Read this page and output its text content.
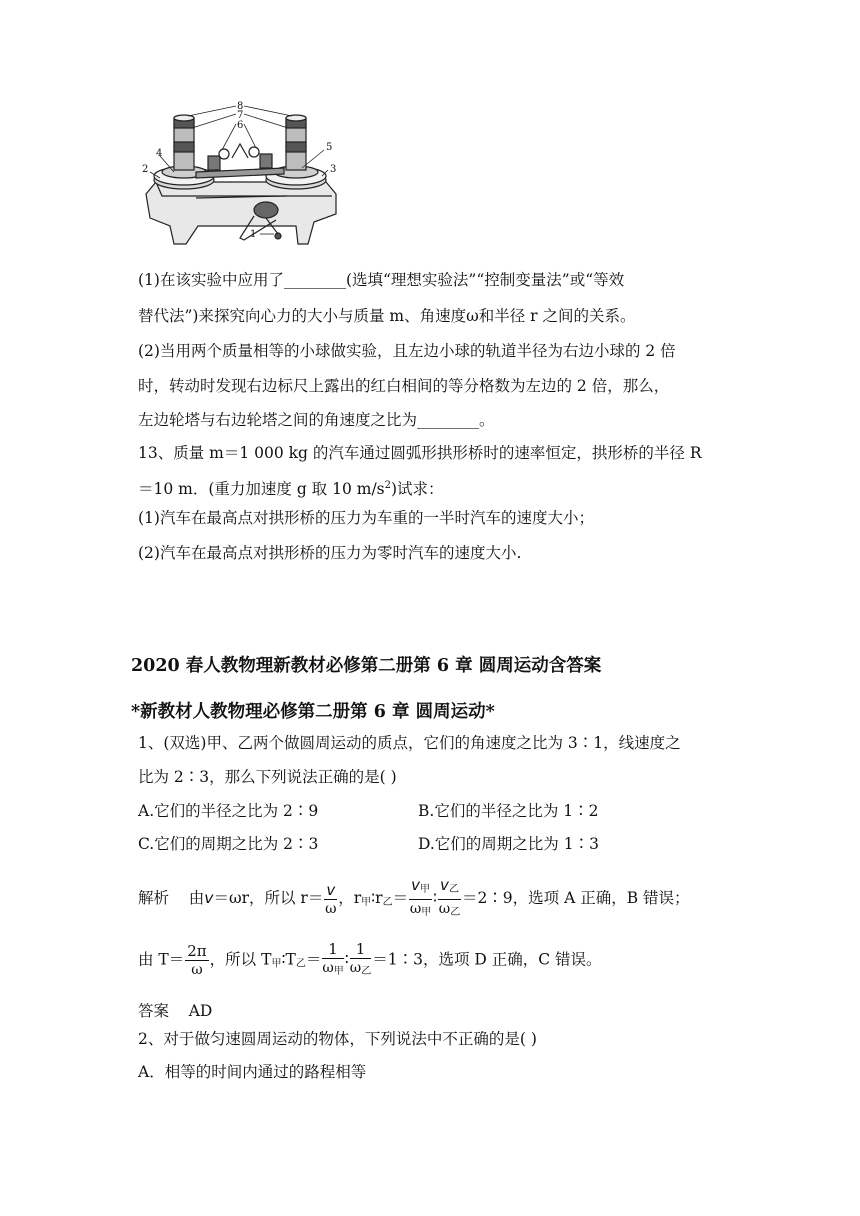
8
7
6
5
4
3
2
1
(1)在该实验中应用了________(选填“理想实验法”“控制变量法”或“等效
替代法”)来探究向心力的大小与质量 m、角速度ω和半径 r 之间的关系。
(2)当用两个质量相等的小球做实验，且左边小球的轨道半径为右边小球的 2 倍
时，转动时发现右边标尺上露出的红白相间的等分格数为左边的 2 倍，那么，
左边轮塔与右边轮塔之间的角速度之比为________。
13、质量 m＝1 000 kg 的汽车通过圆弧形拱形桥时的速率恒定，拱形桥的半径 R
＝10 m．(重力加速度 g 取 10 $m/s^2$)试求：
(1)汽车在最高点对拱形桥的压力为车重的一半时汽车的速度大小；
(2)汽车在最高点对拱形桥的压力为零时汽车的速度大小.
2020 春人教物理新教材必修第二册第 6 章 圆周运动含答案
*新教材人教物理必修第二册第 6 章 圆周运动*
1、(双选)甲、乙两个做圆周运动的质点，它们的角速度之比为 3∶1，线速度之
比为 2∶3，那么下列说法正确的是( )
A.它们的半径之比为 2∶9	B.它们的半径之比为 1∶2
C.它们的周期之比为 2∶3	D.它们的周期之比为 1∶3
解析 由v＝ωr，所以 $r= \frac{v}{\omega}$ ，$r_甲∶r_乙= \frac{v_甲}{\omega_甲}$ ∶ $\frac{v_乙}{\omega_乙}$ ＝2∶9，选项 A 正确，B 错误；
由 $T= \frac{2\pi}{\omega}$ ，所以 $T_甲∶T_乙= \frac{1}{\omega_甲}$ ∶ $\frac{1}{\omega_乙}$ ＝1∶3，选项 D 正确，C 错误。
答案 AD
2、对于做匀速圆周运动的物体，下列说法中不正确的是( )
A．相等的时间内通过的路程相等
